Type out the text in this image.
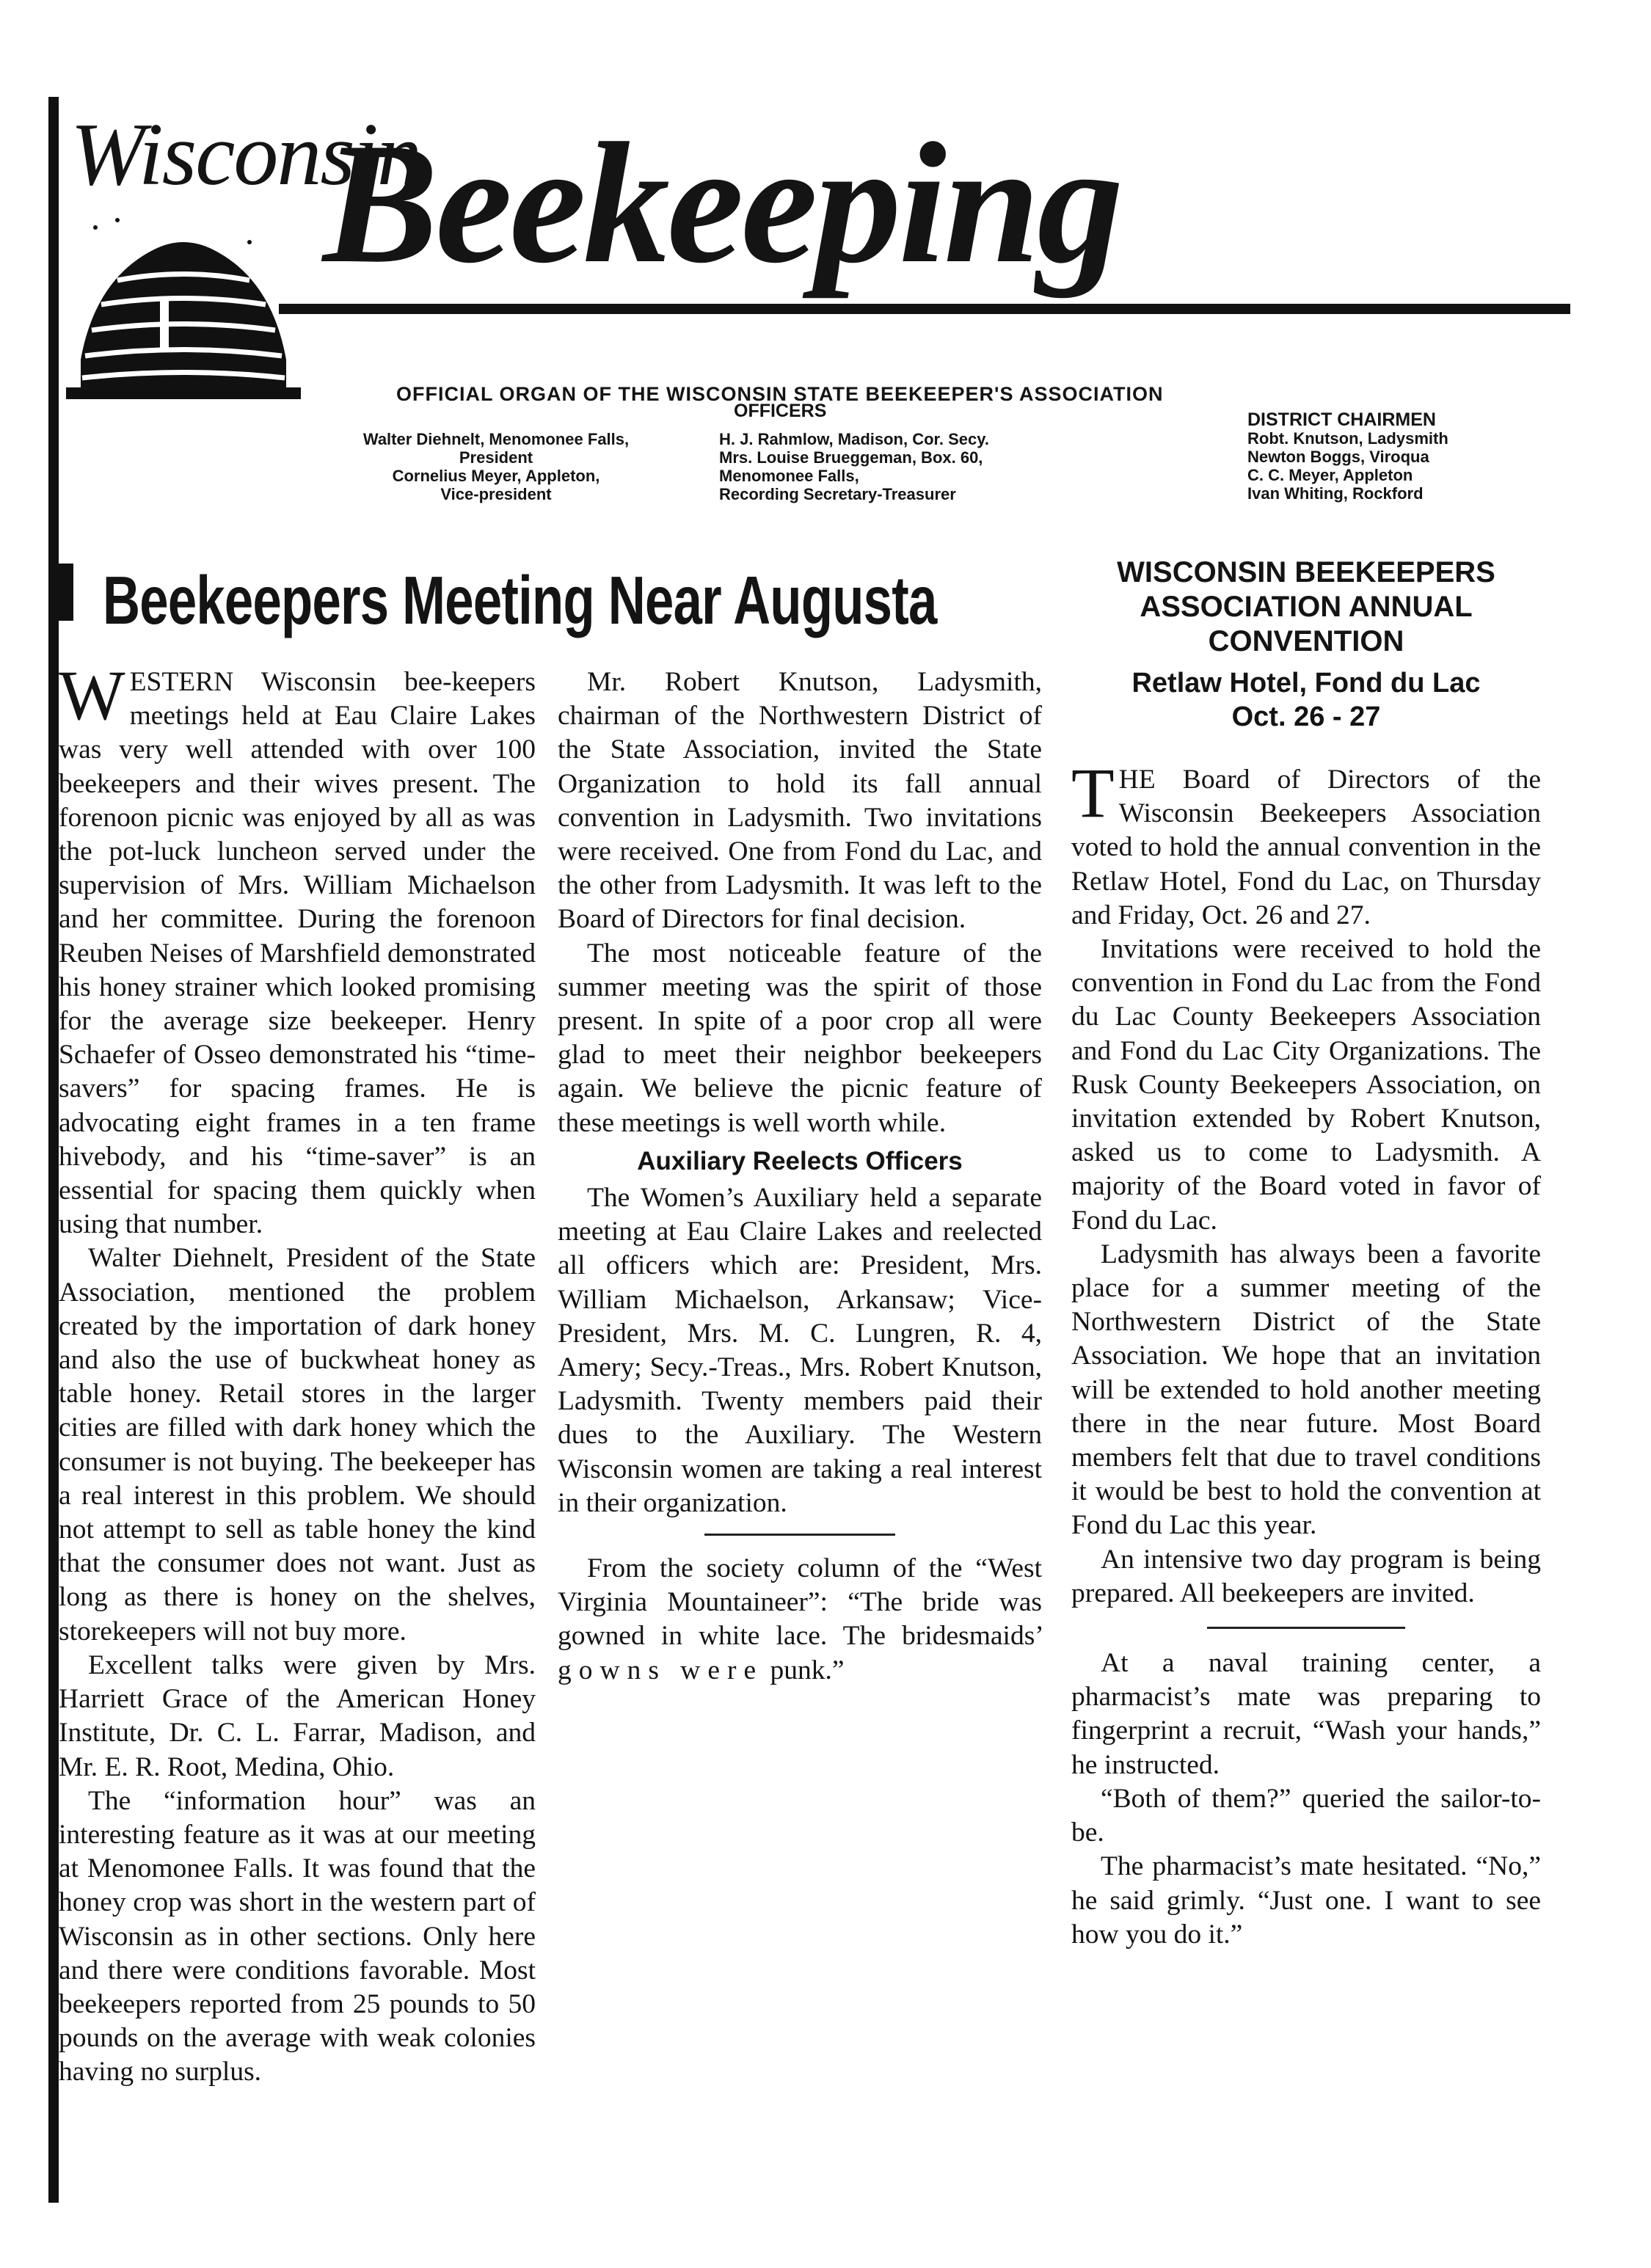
Wisconsin
Beekeeping
OFFICIAL ORGAN OF THE WISCONSIN STATE BEEKEEPER'S ASSOCIATION
OFFICERS
Walter Diehnelt, Menomonee Falls,
President
Cornelius Meyer, Appleton,
Vice-president
H. J. Rahmlow, Madison, Cor. Secy.
Mrs. Louise Brueggeman, Box. 60,
Menomonee Falls,
Recording Secretary-Treasurer
DISTRICT CHAIRMEN
Robt. Knutson, Ladysmith
Newton Boggs, Viroqua
C. C. Meyer, Appleton
Ivan Whiting, Rockford
Beekeepers Meeting Near Augusta	WISCONSIN BEEKEEPERS ASSOCIATION ANNUAL CONVENTION
Retlaw Hotel, Fond du Lac
Oct. 26 - 27

WESTERN Wisconsin bee-keepers meetings held at Eau Claire Lakes was very well attended with over 100 beekeepers and their wives present. The forenoon picnic was enjoyed by all as was the pot-luck luncheon served under the supervision of Mrs. William Michaelson and her committee. During the forenoon Reuben Neises of Marshfield demonstrated his honey strainer which looked promising for the average size beekeeper. Henry Schaefer of Osseo demonstrated his “time-savers” for spacing frames. He is advocating eight frames in a ten frame hivebody, and his “time-saver” is an essential for spacing them quickly when using that number.

Walter Diehnelt, President of the State Association, mentioned the problem created by the importation of dark honey and also the use of buckwheat honey as table honey. Retail stores in the larger cities are filled with dark honey which the consumer is not buying. The beekeeper has a real interest in this problem. We should not attempt to sell as table honey the kind that the consumer does not want. Just as long as there is honey on the shelves, storekeepers will not buy more.

Excellent talks were given by Mrs. Harriett Grace of the American Honey Institute, Dr. C. L. Farrar, Madison, and Mr. E. R. Root, Medina, Ohio.

The “information hour” was an interesting feature as it was at our meeting at Menomonee Falls. It was found that the honey crop was short in the western part of Wisconsin as in other sections. Only here and there were conditions favorable. Most beekeepers reported from 25 pounds to 50 pounds on the average with weak colonies having no surplus.

Mr. Robert Knutson, Ladysmith, chairman of the Northwestern District of the State Association, invited the State Organization to hold its fall annual convention in Ladysmith. Two invitations were received. One from Fond du Lac, and the other from Ladysmith. It was left to the Board of Directors for final decision.

The most noticeable feature of the summer meeting was the spirit of those present. In spite of a poor crop all were glad to meet their neighbor beekeepers again. We believe the picnic feature of these meetings is well worth while.

Auxiliary Reelects Officers

The Women’s Auxiliary held a separate meeting at Eau Claire Lakes and reelected all officers which are: President, Mrs. William Michaelson, Arkansaw; Vice-President, Mrs. M. C. Lungren, R. 4, Amery; Secy.-Treas., Mrs. Robert Knutson, Ladysmith. Twenty members paid their dues to the Auxiliary. The Western Wisconsin women are taking a real interest in their organization.

From the society column of the “West Virginia Mountaineer”: “The bride was gowned in white lace. The bridesmaids’ gowns were punk.”

THE Board of Directors of the Wisconsin Beekeepers Association voted to hold the annual convention in the Retlaw Hotel, Fond du Lac, on Thursday and Friday, Oct. 26 and 27.

Invitations were received to hold the convention in Fond du Lac from the Fond du Lac County Beekeepers Association and Fond du Lac City Organizations. The Rusk County Beekeepers Association, on invitation extended by Robert Knutson, asked us to come to Ladysmith. A majority of the Board voted in favor of Fond du Lac.

Ladysmith has always been a favorite place for a summer meeting of the Northwestern District of the State Association. We hope that an invitation will be extended to hold another meeting there in the near future. Most Board members felt that due to travel conditions it would be best to hold the convention at Fond du Lac this year.

An intensive two day program is being prepared. All beekeepers are invited.

At a naval training center, a pharmacist’s mate was preparing to fingerprint a recruit, “Wash your hands,” he instructed.

“Both of them?” queried the sailor-to-be.

The pharmacist’s mate hesitated. “No,” he said grimly. “Just one. I want to see how you do it.”
